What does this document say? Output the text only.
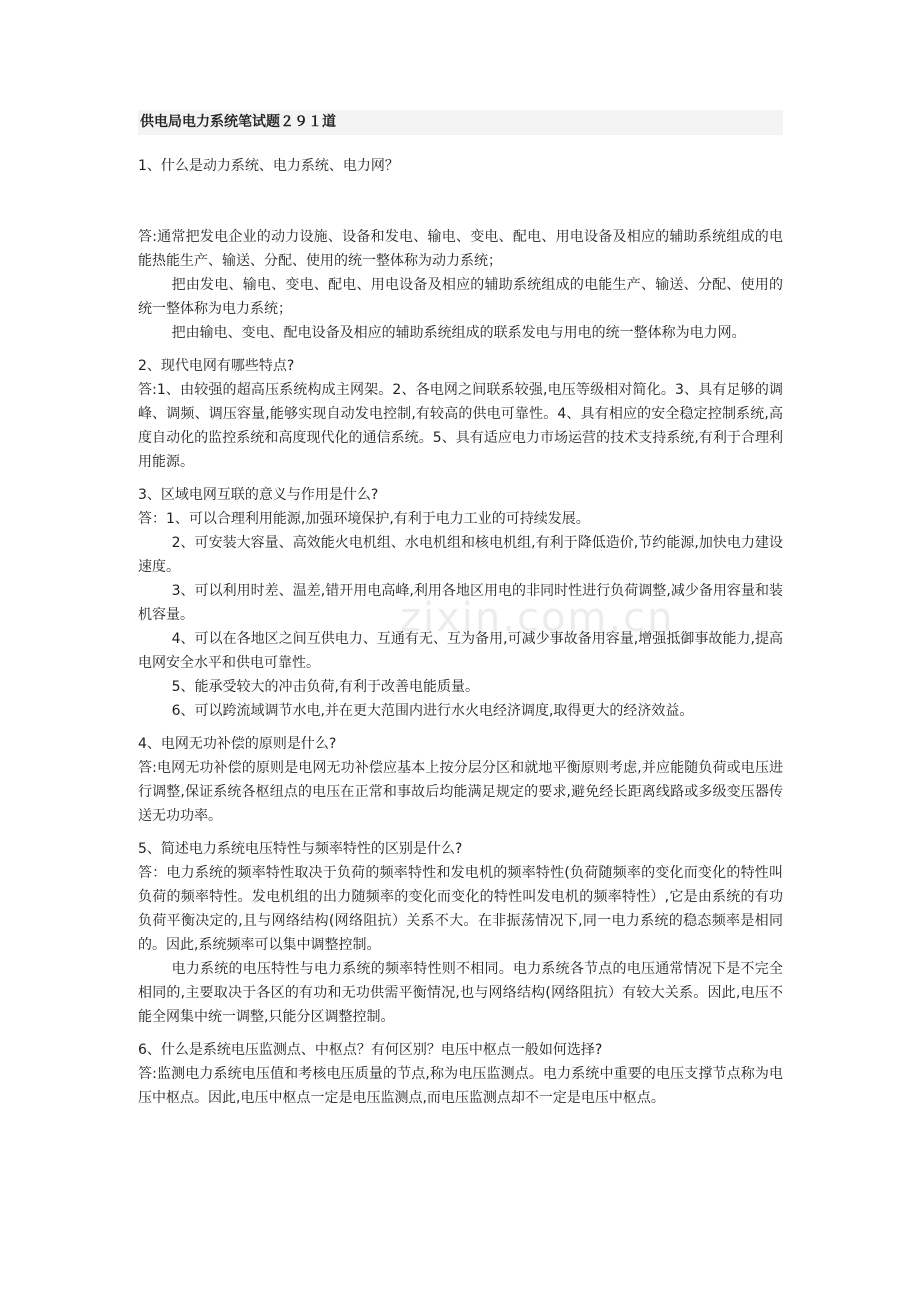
zixin.com.cn
供电局电力系统笔试题２９１道
1、什么是动力系统、电力系统、电力网？
答:通常把发电企业的动力设施、设备和发电、输电、变电、配电、用电设备及相应的辅助系统组成的电能热能生产、输送、分配、使用的统一整体称为动力系统；
把由发电、输电、变电、配电、用电设备及相应的辅助系统组成的电能生产、输送、分配、使用的统一整体称为电力系统；
把由输电、变电、配电设备及相应的辅助系统组成的联系发电与用电的统一整体称为电力网。
2、现代电网有哪些特点?
答:1、由较强的超高压系统构成主网架。2、各电网之间联系较强,电压等级相对简化。3、具有足够的调峰、调频、调压容量,能够实现自动发电控制,有较高的供电可靠性。4、具有相应的安全稳定控制系统,高度自动化的监控系统和高度现代化的通信系统。5、具有适应电力市场运营的技术支持系统,有利于合理利用能源。
3、区域电网互联的意义与作用是什么?
答：1、可以合理利用能源,加强环境保护,有利于电力工业的可持续发展。
2、可安装大容量、高效能火电机组、水电机组和核电机组,有利于降低造价,节约能源,加快电力建设速度。
3、可以利用时差、温差,错开用电高峰,利用各地区用电的非同时性进行负荷调整,减少备用容量和装机容量。
4、可以在各地区之间互供电力、互通有无、互为备用,可减少事故备用容量,增强抵御事故能力,提高电网安全水平和供电可靠性。
5、能承受较大的冲击负荷,有利于改善电能质量。
6、可以跨流域调节水电,并在更大范围内进行水火电经济调度,取得更大的经济效益。
4、电网无功补偿的原则是什么?
答:电网无功补偿的原则是电网无功补偿应基本上按分层分区和就地平衡原则考虑,并应能随负荷或电压进行调整,保证系统各枢纽点的电压在正常和事故后均能满足规定的要求,避免经长距离线路或多级变压器传送无功功率。
5、简述电力系统电压特性与频率特性的区别是什么?
答：电力系统的频率特性取决于负荷的频率特性和发电机的频率特性(负荷随频率的变化而变化的特性叫负荷的频率特性。发电机组的出力随频率的变化而变化的特性叫发电机的频率特性）,它是由系统的有功负荷平衡决定的,且与网络结构(网络阻抗）关系不大。在非振荡情况下,同一电力系统的稳态频率是相同的。因此,系统频率可以集中调整控制。
电力系统的电压特性与电力系统的频率特性则不相同。电力系统各节点的电压通常情况下是不完全相同的,主要取决于各区的有功和无功供需平衡情况,也与网络结构(网络阻抗）有较大关系。因此,电压不能全网集中统一调整,只能分区调整控制。
6、什么是系统电压监测点、中枢点？有何区别？电压中枢点一般如何选择?
答:监测电力系统电压值和考核电压质量的节点,称为电压监测点。电力系统中重要的电压支撑节点称为电压中枢点。因此,电压中枢点一定是电压监测点,而电压监测点却不一定是电压中枢点。
